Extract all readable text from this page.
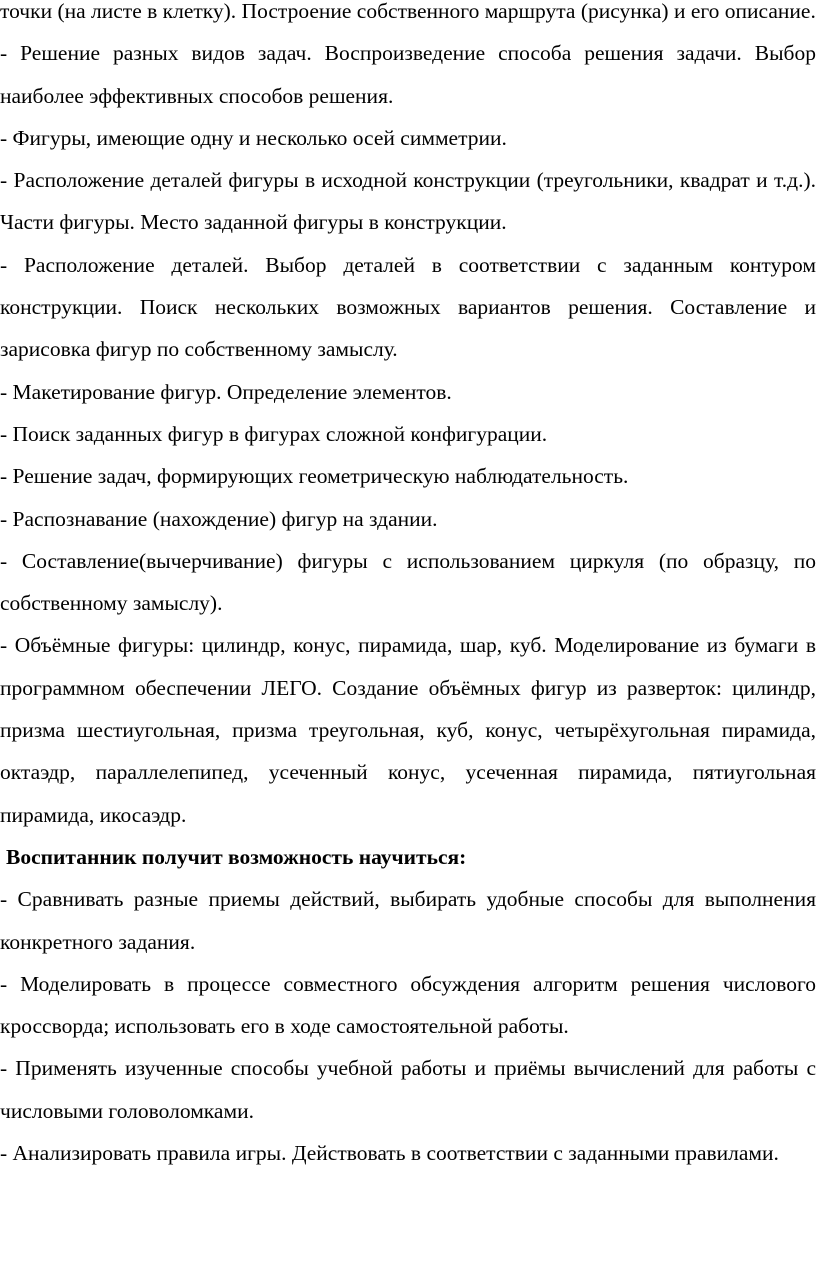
точки (на листе в клетку). Построение собственного маршрута (рисунка) и его описание.

- Решение разных видов задач. Воспроизведение способа решения задачи. Выбор наиболее эффективных способов решения.

- Фигуры, имеющие одну и несколько осей симметрии.

- Расположение деталей фигуры в исходной конструкции (треугольники, квадрат и т.д.). Части фигуры. Место заданной фигуры в конструкции.

- Расположение деталей. Выбор деталей в соответствии с заданным контуром конструкции. Поиск нескольких возможных вариантов решения. Составление и зарисовка фигур по собственному замыслу.

- Макетирование фигур. Определение элементов.

- Поиск заданных фигур в фигурах сложной конфигурации.

- Решение задач, формирующих геометрическую наблюдательность.

- Распознавание (нахождение) фигур на здании.

- Составление(вычерчивание) фигуры с использованием циркуля (по образцу, по собственному замыслу).

- Объёмные фигуры: цилиндр, конус, пирамида, шар, куб. Моделирование из бумаги в программном обеспечении ЛЕГО. Создание объёмных фигур из разверток: цилиндр, призма шестиугольная, призма треугольная, куб, конус, четырёхугольная пирамида, октаэдр, параллелепипед, усеченный конус, усеченная пирамида, пятиугольная пирамида, икосаэдр.

Воспитанник получит возможность научиться:

- Сравнивать разные приемы действий, выбирать удобные способы для выполнения конкретного задания.

- Моделировать в процессе совместного обсуждения алгоритм решения числового кроссворда; использовать его в ходе самостоятельной работы.

- Применять изученные способы учебной работы и приёмы вычислений для работы с числовыми головоломками.

- Анализировать правила игры. Действовать в соответствии с заданными правилами.
